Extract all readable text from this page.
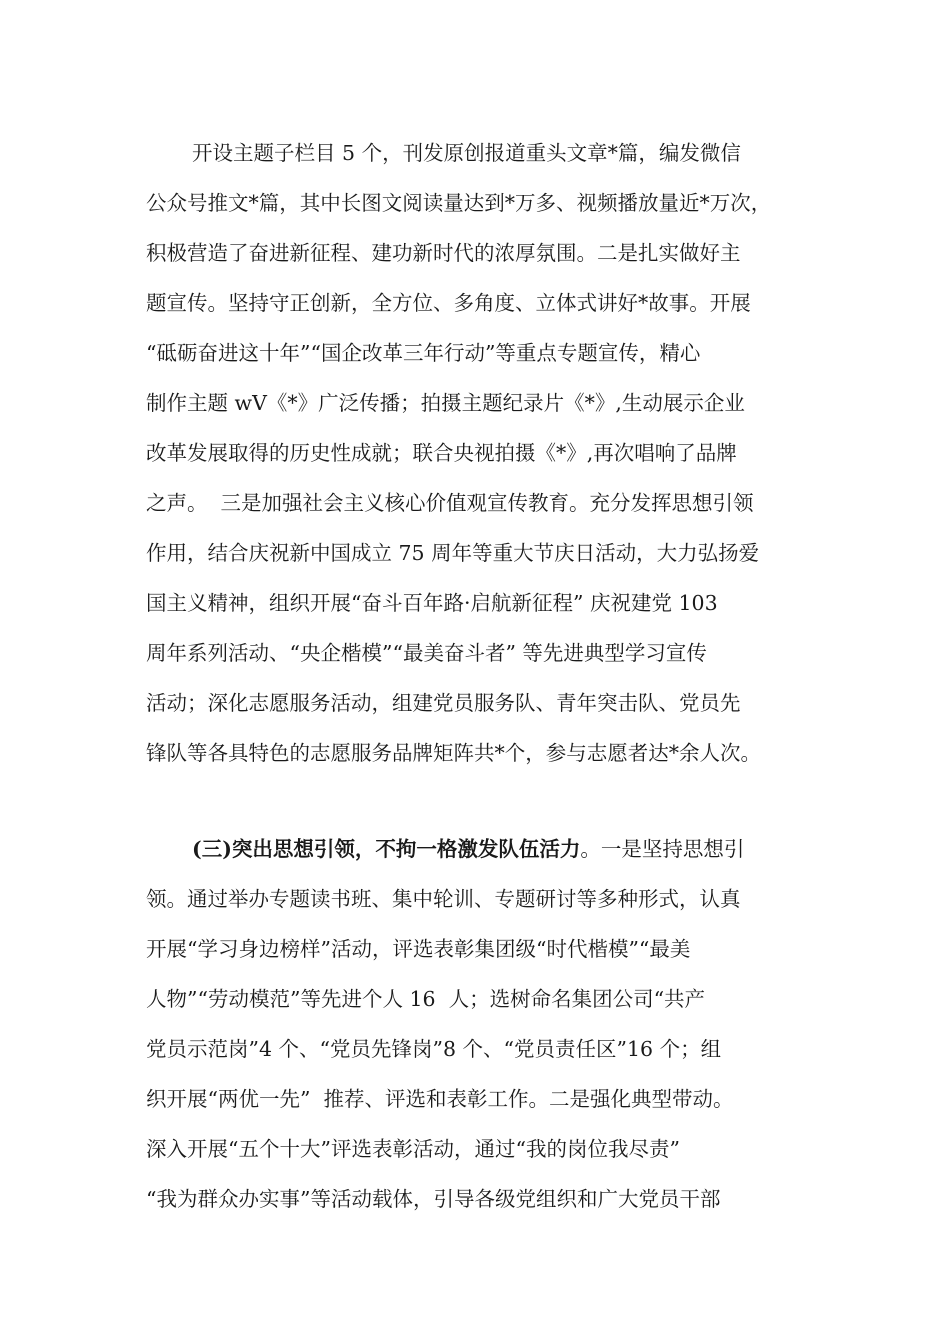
开设主题子栏目 5 个，刊发原创报道重头文章*篇，编发微信
公众号推文*篇，其中长图文阅读量达到*万多、视频播放量近*万次，
积极营造了奋进新征程、建功新时代的浓厚氛围。二是扎实做好主
题宣传。坚持守正创新，全方位、多角度、立体式讲好*故事。开展
“砥砺奋进这十年”“国企改革三年行动”等重点专题宣传，精心
制作主题 wV《*》广泛传播；拍摄主题纪录片《*》,生动展示企业
改革发展取得的历史性成就；联合央视拍摄《*》,再次唱响了品牌
之声。  三是加强社会主义核心价值观宣传教育。充分发挥思想引领
作用，结合庆祝新中国成立 75 周年等重大节庆日活动，大力弘扬爱
国主义精神，组织开展“奋斗百年路·启航新征程” 庆祝建党 103
周年系列活动、“央企楷模”“最美奋斗者” 等先进典型学习宣传
活动；深化志愿服务活动，组建党员服务队、青年突击队、党员先
锋队等各具特色的志愿服务品牌矩阵共*个，参与志愿者达*余人次。
(三)突出思想引领，不拘一格激发队伍活力。一是坚持思想引
领。通过举办专题读书班、集中轮训、专题研讨等多种形式，认真
开展“学习身边榜样”活动，评选表彰集团级“时代楷模”“最美
人物”“劳动模范”等先进个人 16  人；选树命名集团公司“共产
党员示范岗”4 个、“党员先锋岗”8 个、“党员责任区”16 个；组
织开展“两优一先”  推荐、评选和表彰工作。二是强化典型带动。
深入开展“五个十大”评选表彰活动，通过“我的岗位我尽责”
“我为群众办实事”等活动载体，引导各级党组织和广大党员干部
